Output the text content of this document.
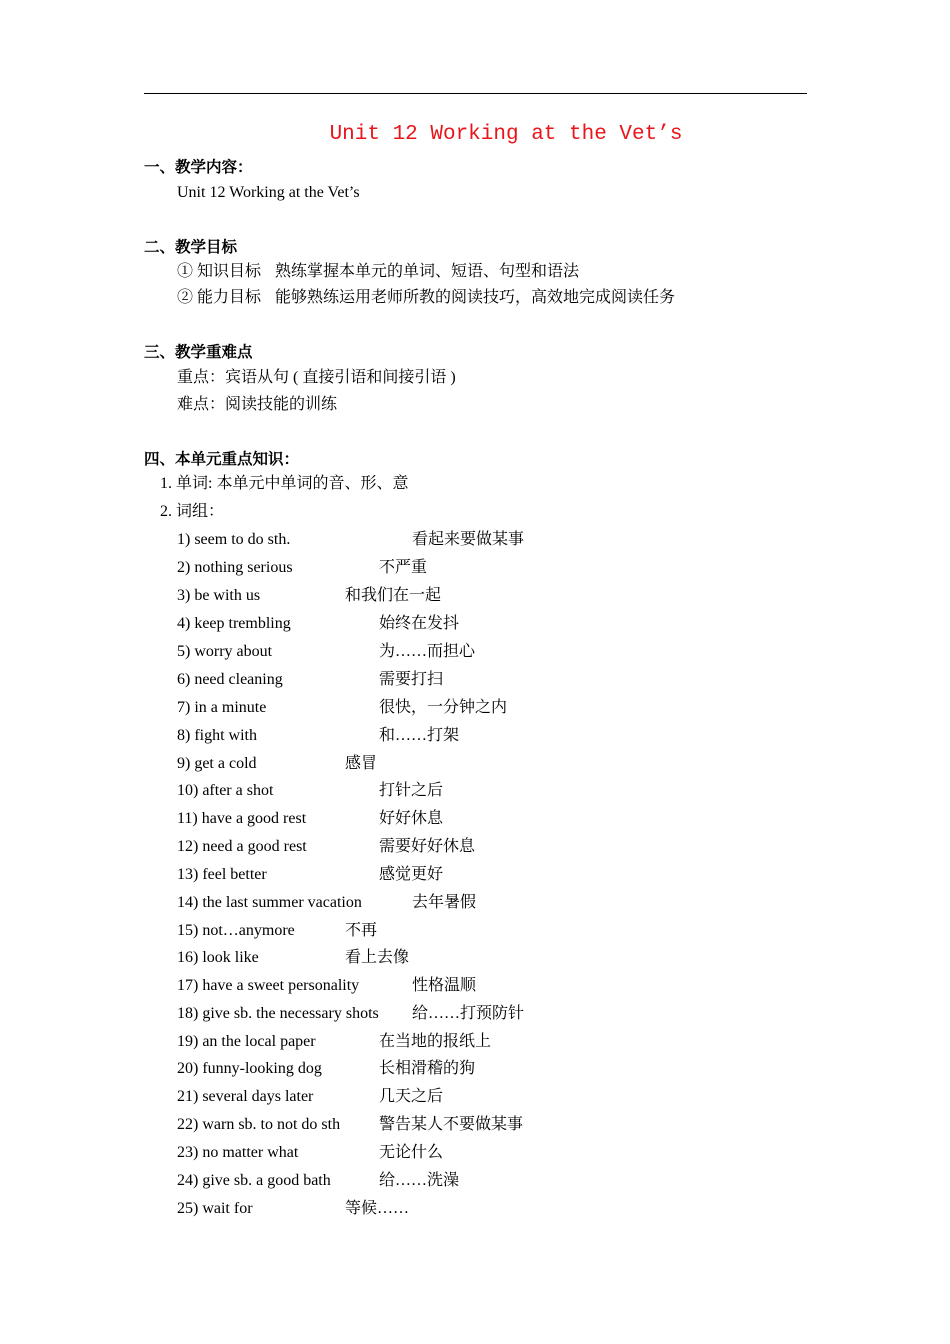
Unit 12 Working at the Vet’s
一、教学内容：
Unit 12 Working at the Vet’s
二、教学目标
① 知识目标 熟练掌握本单元的单词、短语、句型和语法
② 能力目标 能够熟练运用老师所教的阅读技巧，高效地完成阅读任务
三、教学重难点
重点：宾语从句 ( 直接引语和间接引语 )
难点：阅读技能的训练
四、本单元重点知识：
1. 单词: 本单元中单词的音、形、意
2. 词组：
1) seem to do sth.	看起来要做某事
2) nothing serious	不严重
3) be with us	和我们在一起
4) keep trembling	始终在发抖
5) worry about	为……而担心
6) need cleaning	需要打扫
7) in a minute	很快，一分钟之内
8) fight with	和……打架
9) get a cold	感冒
10) after a shot	打针之后
11) have a good rest	好好休息
12) need a good rest	需要好好休息
13) feel better	感觉更好
14) the last summer vacation	去年暑假
15) not…anymore	不再
16) look like	看上去像
17) have a sweet personality	性格温顺
18) give sb. the necessary shots 给……打预防针
19) an the local paper	在当地的报纸上
20) funny-looking dog	长相滑稽的狗
21) several days later	几天之后
22) warn sb. to not do sth 警告某人不要做某事
23) no matter what	无论什么
24) give sb. a good bath	给……洗澡
25) wait for	等候……
